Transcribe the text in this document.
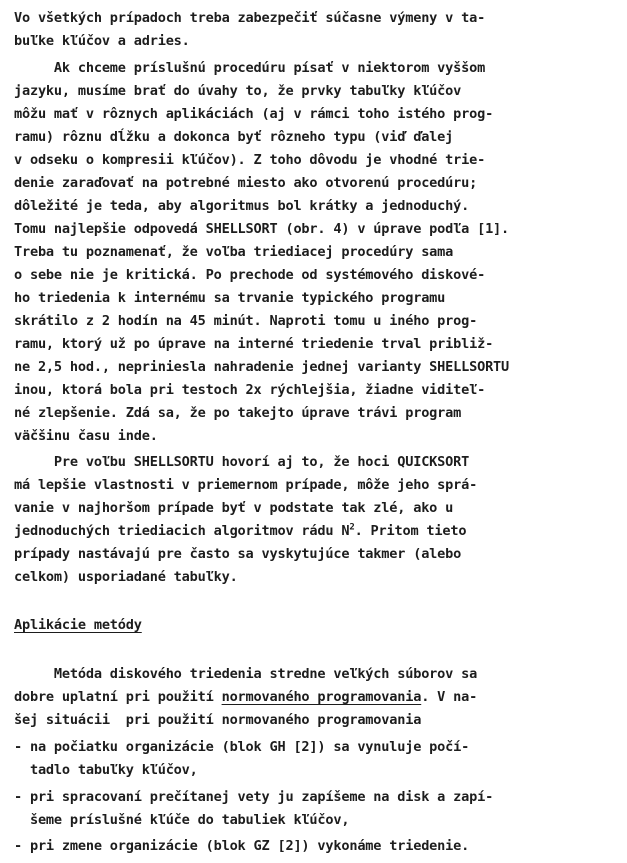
Vo všetkých prípadoch treba zabezpečiť súčasne výmeny v ta-
buľke kľúčov a adries.
Ak chceme príslušnú procedúru písať v niektorom vyššom
jazyku, musíme brať do úvahy to, že prvky tabuľky kľúčov
môžu mať v rôznych aplikáciách (aj v rámci toho istého prog-
ramu) rôznu dĺžku a dokonca byť rôzneho typu (viď ďalej
v odseku o kompresii kľúčov). Z toho dôvodu je vhodné trie-
denie zaraďovať na potrebné miesto ako otvorenú procedúru;
dôležité je teda, aby algoritmus bol krátky a jednoduchý.
Tomu najlepšie odpovedá SHELLSORT (obr. 4) v úprave podľa [1].
Treba tu poznamenať, že voľba triediacej procedúry sama
o sebe nie je kritická. Po prechode od systémového diskové-
ho triedenia k internému sa trvanie typického programu
skrátilo z 2 hodín na 45 minút. Naproti tomu u iného prog-
ramu, ktorý už po úprave na interné triedenie trval približ-
ne 2,5 hod., nepriniesla nahradenie jednej varianty SHELLSORTU
inou, ktorá bola pri testoch 2x rýchlejšia, žiadne viditeľ-
né zlepšenie. Zdá sa, že po takejto úprave trávi program
väčšinu času inde.
Pre voľbu SHELLSORTU hovorí aj to, že hoci QUICKSORT
má lepšie vlastnosti v priemernom prípade, môže jeho sprá-
vanie v najhoršom prípade byť v podstate tak zlé, ako u
jednoduchých triediacich algoritmov rádu $N^2$. Pritom tieto
prípady nastávajú pre často sa vyskytujúce takmer (alebo
celkom) usporiadané tabuľky.
Aplikácie metódy
Metóda diskového triedenia stredne veľkých súborov sa
dobre uplatní pri použití normovaného programovania. V na-
šej situácii  pri použití normovaného programovania
- na počiatku organizácie (blok GH [2]) sa vynuluje počí-
tadlo tabuľky kľúčov,
- pri spracovaní prečítanej vety ju zapíšeme na disk a zapí-
šeme príslušné kľúče do tabuliek kľúčov,
- pri zmene organizácie (blok GZ [2]) vykonáme triedenie.
